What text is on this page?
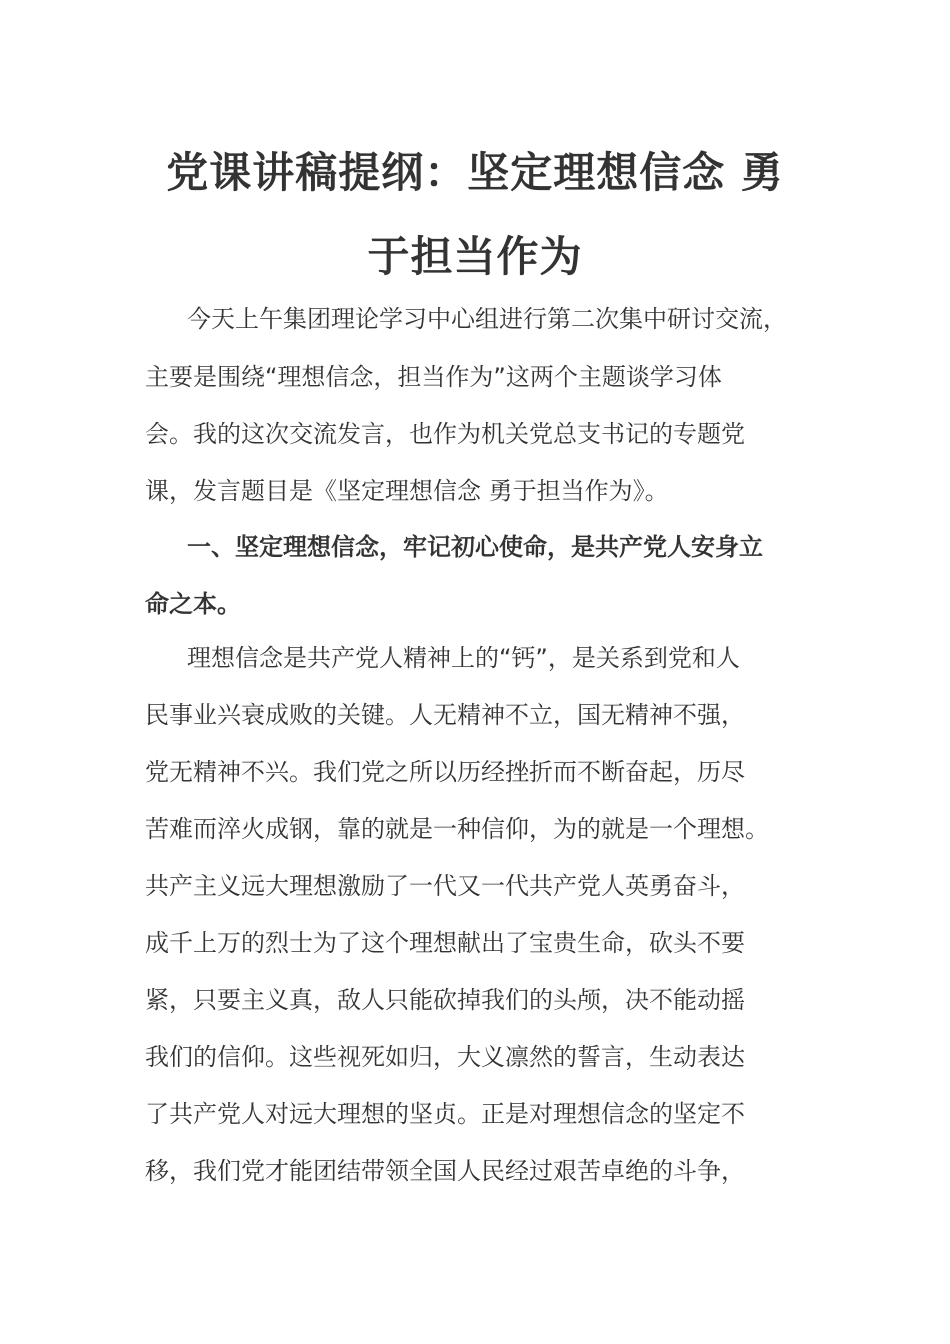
党课讲稿提纲：坚定理想信念 勇
于担当作为
今天上午集团理论学习中心组进行第二次集中研讨交流，
主要是围绕“理想信念，担当作为”这两个主题谈学习体
会。我的这次交流发言，也作为机关党总支书记的专题党
课，发言题目是《坚定理想信念 勇于担当作为》。
一、坚定理想信念，牢记初心使命，是共产党人安身立
命之本。
理想信念是共产党人精神上的“钙”，是关系到党和人
民事业兴衰成败的关键。人无精神不立，国无精神不强，
党无精神不兴。我们党之所以历经挫折而不断奋起，历尽
苦难而淬火成钢，靠的就是一种信仰，为的就是一个理想。
共产主义远大理想激励了一代又一代共产党人英勇奋斗，
成千上万的烈士为了这个理想献出了宝贵生命，砍头不要
紧，只要主义真，敌人只能砍掉我们的头颅，决不能动摇
我们的信仰。这些视死如归，大义凛然的誓言，生动表达
了共产党人对远大理想的坚贞。正是对理想信念的坚定不
移，我们党才能团结带领全国人民经过艰苦卓绝的斗争，
